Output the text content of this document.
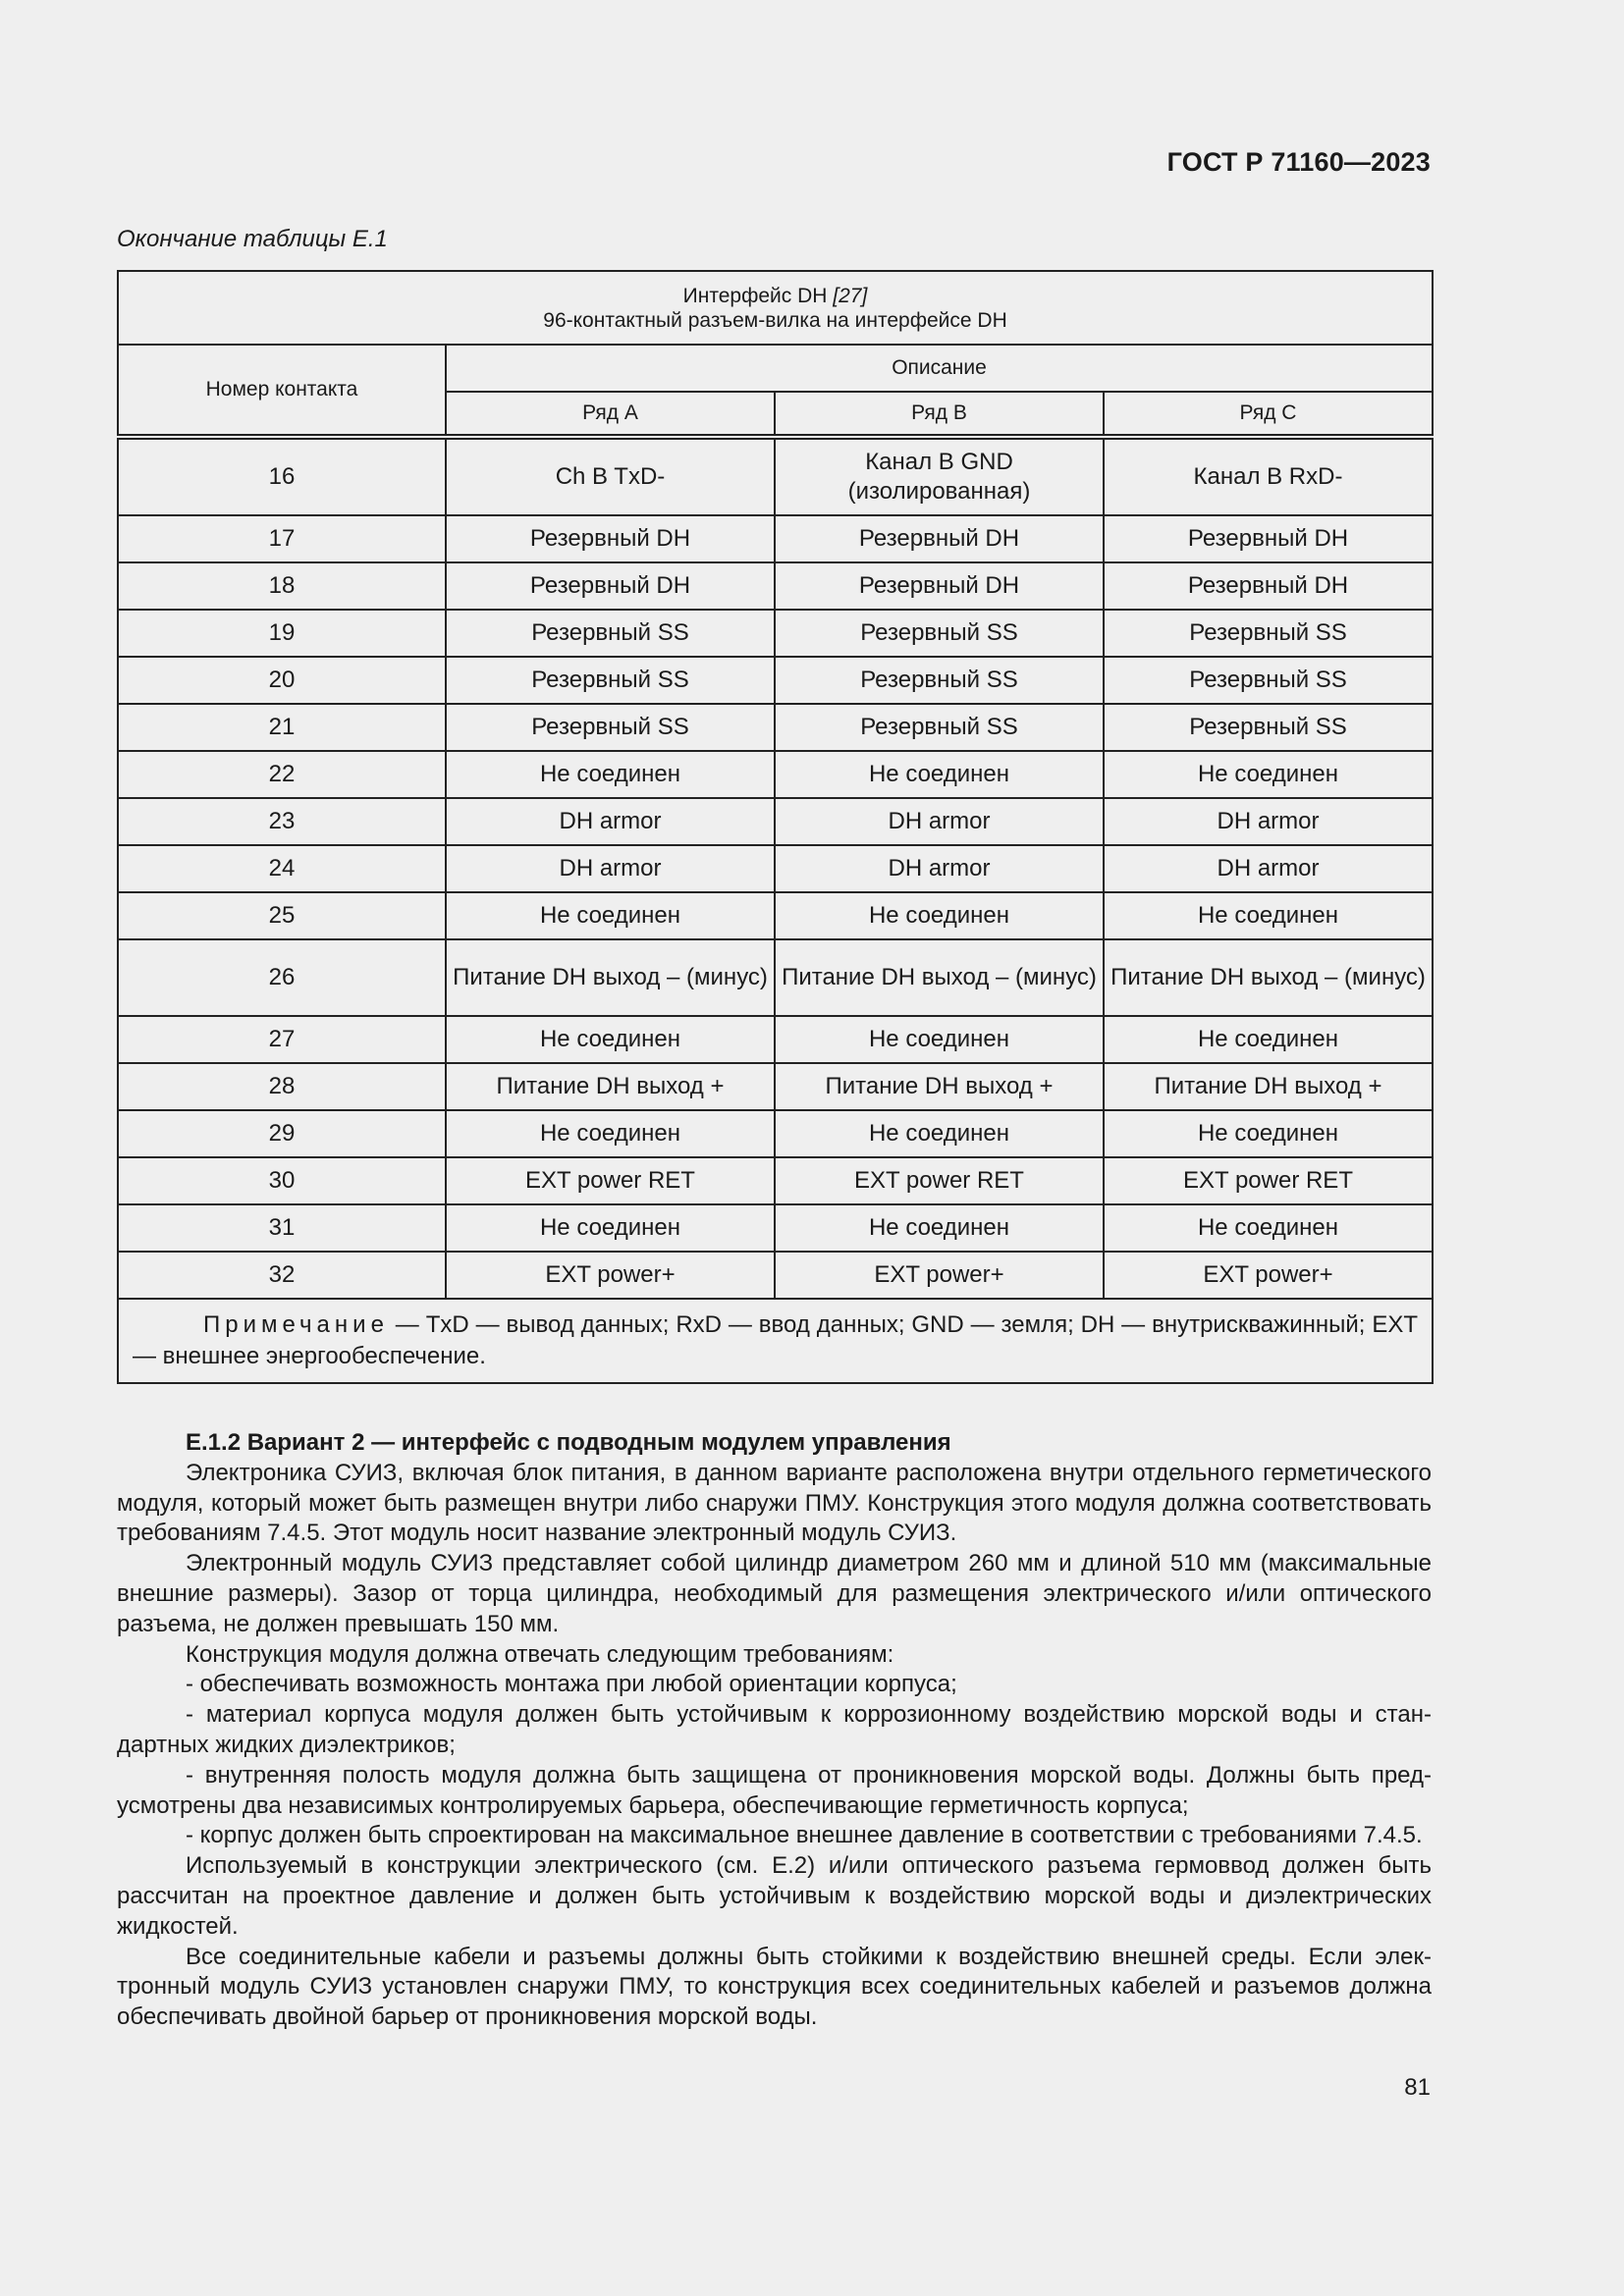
ГОСТ Р 71160—2023
Окончание таблицы Е.1
Интерфейс DH [27]
96-контактный разъем-вилка на интерфейсе DH			
Номер контакта	Описание		
	Ряд А	Ряд В	Ряд С
16	Ch B TxD-	Канал В GND (изолированная)	Канал В RxD-
17	Резервный DH	Резервный DH	Резервный DH
18	Резервный DH	Резервный DH	Резервный DH
19	Резервный SS	Резервный SS	Резервный SS
20	Резервный SS	Резервный SS	Резервный SS
21	Резервный SS	Резервный SS	Резервный SS
22	Не соединен	Не соединен	Не соединен
23	DH armor	DH armor	DH armor
24	DH armor	DH armor	DH armor
25	Не соединен	Не соединен	Не соединен
26	Питание DH выход – (минус)	Питание DH выход – (минус)	Питание DH выход – (минус)
27	Не соединен	Не соединен	Не соединен
28	Питание DH выход +	Питание DH выход +	Питание DH выход +
29	Не соединен	Не соединен	Не соединен
30	EXT power RET	EXT power RET	EXT power RET
31	Не соединен	Не соединен	Не соединен
32	EXT power+	EXT power+	EXT power+
Примечание — TxD — вывод данных; RxD — ввод данных; GND — земля; DH — внутрискважинный; EXT— внешнее энергообеспечение.			
Е.1.2 Вариант 2 — интерфейс с подводным модулем управления

Электроника СУИЗ, включая блок питания, в данном варианте расположена внутри отдельного герметического модуля, который может быть размещен внутри либо снаружи ПМУ. Конструкция этого модуля должна соответствовать требованиям 7.4.5. Этот модуль носит название электронный модуль СУИЗ.

Электронный модуль СУИЗ представляет собой цилиндр диаметром 260 мм и длиной 510 мм (максимальные внешние размеры). Зазор от торца цилиндра, необходимый для размещения электрического и/или оптического разъема, не должен превышать 150 мм.

Конструкция модуля должна отвечать следующим требованиям:

- обеспечивать возможность монтажа при любой ориентации корпуса;

- материал корпуса модуля должен быть устойчивым к коррозионному воздействию морской воды и стандартных жидких диэлектриков;

- внутренняя полость модуля должна быть защищена от проникновения морской воды. Должны быть предусмотрены два независимых контролируемых барьера, обеспечивающие герметичность корпуса;

- корпус должен быть спроектирован на максимальное внешнее давление в соответствии с требованиями 7.4.5.

Используемый в конструкции электрического (см. Е.2) и/или оптического разъема гермоввод должен быть рассчитан на проектное давление и должен быть устойчивым к воздействию морской воды и диэлектрических жидкостей.

Все соединительные кабели и разъемы должны быть стойкими к воздействию внешней среды. Если электронный модуль СУИЗ установлен снаружи ПМУ, то конструкция всех соединительных кабелей и разъемов должна обеспечивать двойной барьер от проникновения морской воды.

81
